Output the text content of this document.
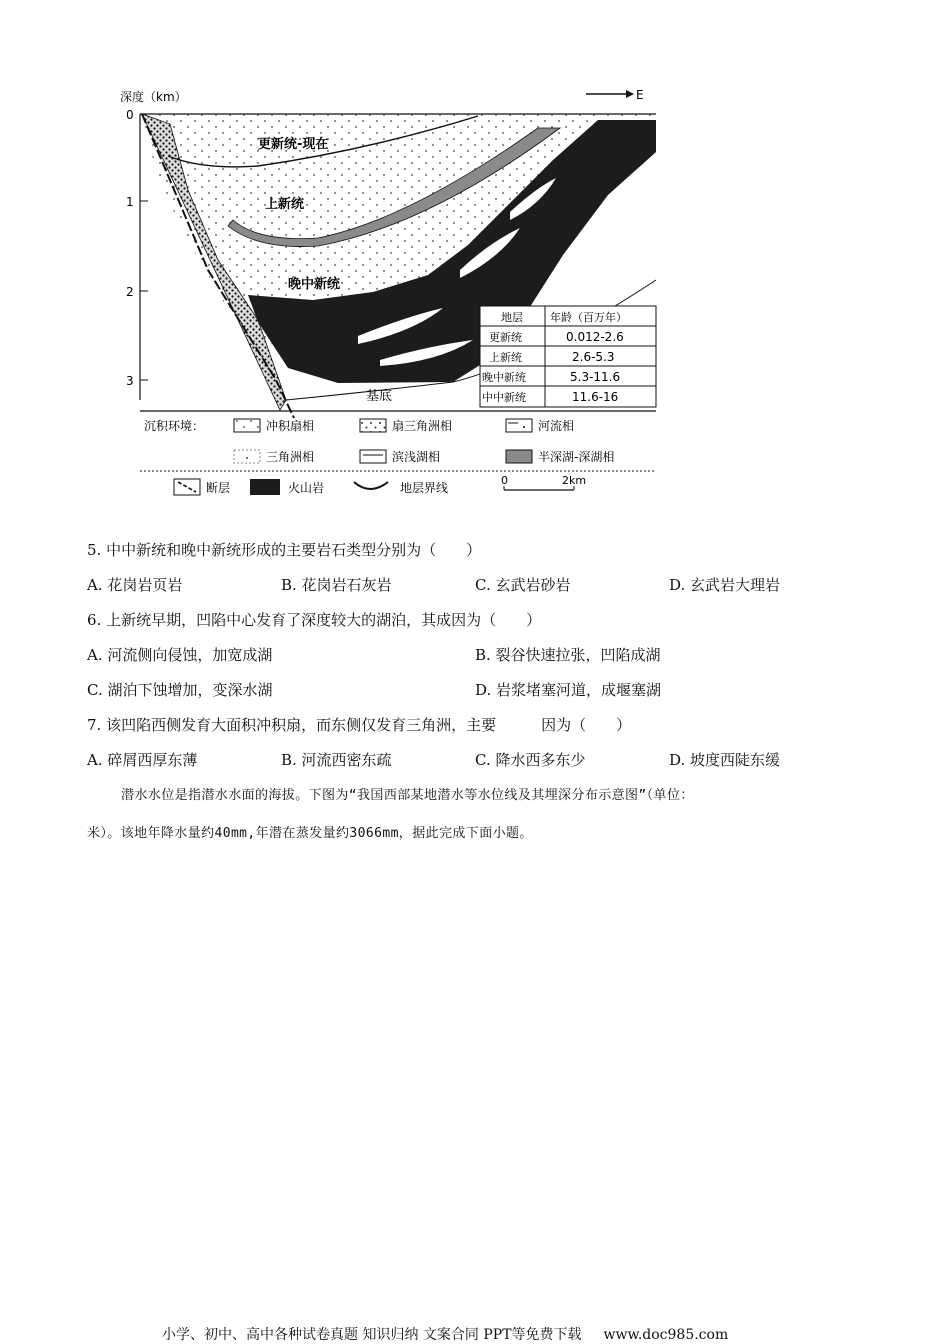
深度（km）	E
0
1
2
3
更新统-现在
上新统
晚中新统
基底
地层 年龄（百万年）
更新统	0.012-2.6
上新统	2.6-5.3
晚中新统	5.3-11.6
中中新统	11.6-16
沉积环境：	冲积扇相	扇三角洲相	河流相
三角洲相	滨浅湖相	半深湖-深湖相
断层	火山岩	地层界线
0	2km
5. 中中新统和晚中新统形成的主要岩石类型分别为（　　）
A. 花岗岩页岩	B. 花岗岩石灰岩	C. 玄武岩砂岩	D. 玄武岩大理岩
6. 上新统早期，凹陷中心发育了深度较大的湖泊，其成因为（　　）
A. 河流侧向侵蚀，加宽成湖	B. 裂谷快速拉张，凹陷成湖
C. 湖泊下蚀增加，变深水湖	D. 岩浆堵塞河道，成堰塞湖
7. 该凹陷西侧发育大面积冲积扇，而东侧仅发育三角洲，主要　　　因为（　　）
A. 碎屑西厚东薄	B. 河流西密东疏	C. 降水西多东少	D. 坡度西陡东缓
潜水水位是指潜水水面的海拔。下图为“我国西部某地潜水等水位线及其埋深分布示意图”（单位：
米）。该地年降水量约40mm,年潜在蒸发量约3066mm，据此完成下面小题。
小学、初中、高中各种试卷真题 知识归纳 文案合同 PPT等免费下载 www.doc985.com
